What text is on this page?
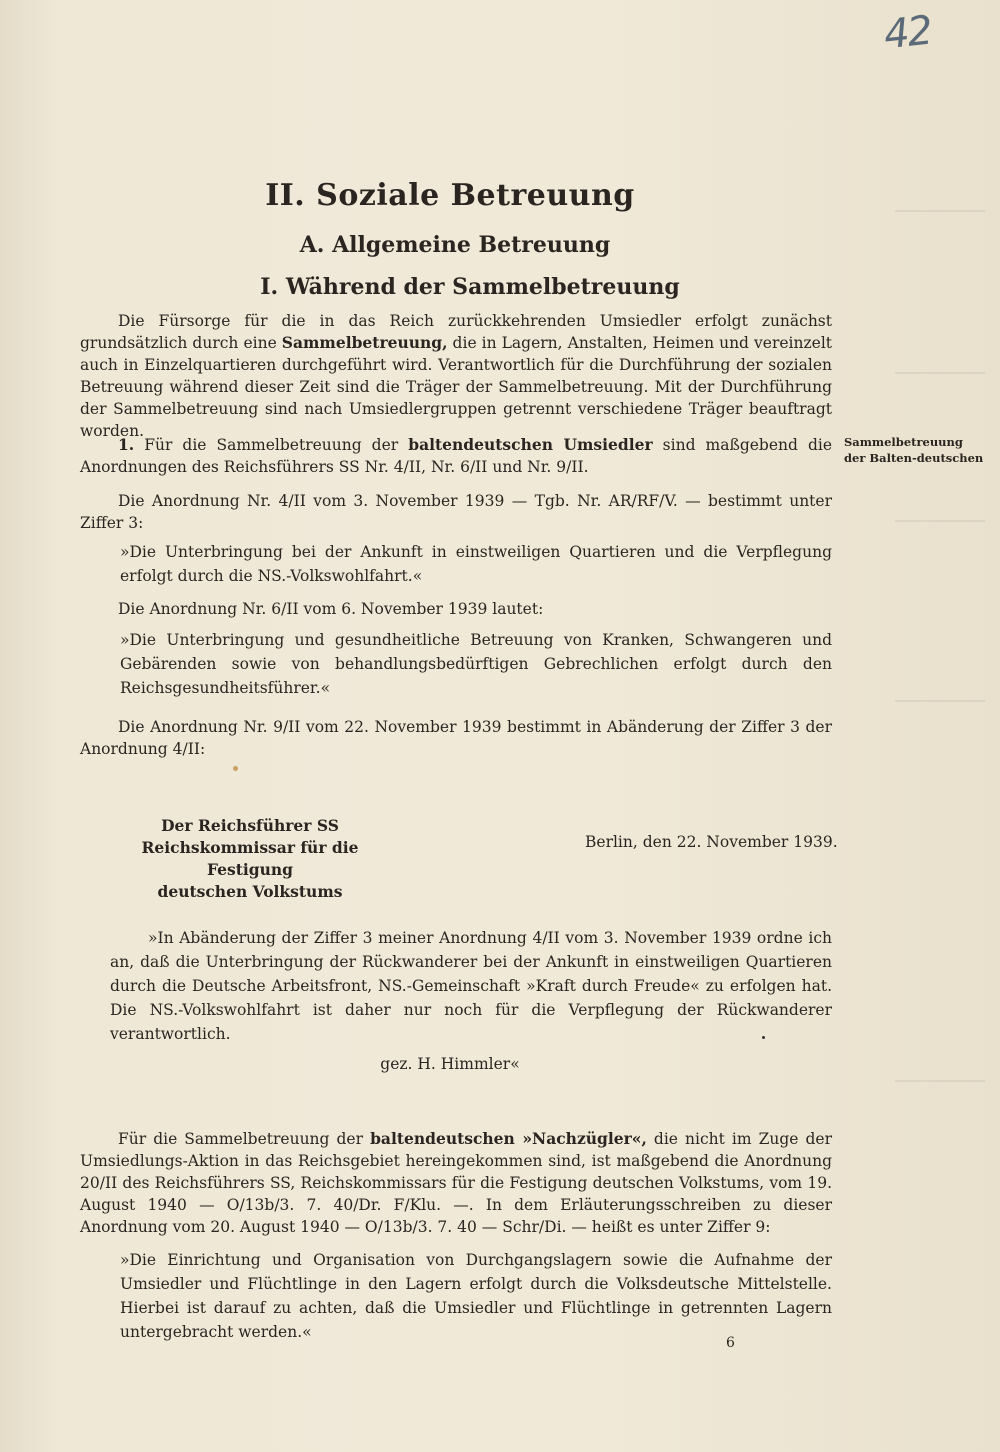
42
II. Soziale Betreuung
A. Allgemeine Betreuung
I. Während der Sammelbetreuung
Die Fürsorge für die in das Reich zurückkehrenden Umsiedler erfolgt zunächst grundsätzlich durch eine Sammelbetreuung, die in Lagern, Anstalten, Heimen und vereinzelt auch in Einzelquartieren durchgeführt wird. Verantwortlich für die Durchführung der sozialen Betreuung während dieser Zeit sind die Träger der Sammelbetreuung. Mit der Durchführung der Sammelbetreuung sind nach Umsiedlergruppen getrennt verschiedene Träger beauftragt worden.
1. Für die Sammelbetreuung der baltendeutschen Umsiedler sind maßgebend die Anordnungen des Reichsführers SS Nr. 4/II, Nr. 6/II und Nr. 9/II.
Sammelbetreuung der Balten-deutschen
Die Anordnung Nr. 4/II vom 3. November 1939 — Tgb. Nr. AR/RF/V. — bestimmt unter Ziffer 3:
»Die Unterbringung bei der Ankunft in einstweiligen Quartieren und die Verpflegung erfolgt durch die NS.-Volkswohlfahrt.«
Die Anordnung Nr. 6/II vom 6. November 1939 lautet:
»Die Unterbringung und gesundheitliche Betreuung von Kranken, Schwangeren und Gebärenden sowie von behandlungsbedürftigen Gebrechlichen erfolgt durch den Reichsgesundheitsführer.«
Die Anordnung Nr. 9/II vom 22. November 1939 bestimmt in Abänderung der Ziffer 3 der Anordnung 4/II:
Der Reichsführer SS
Reichskommissar für die Festigung
deutschen Volkstums
Berlin, den 22. November 1939.
»In Abänderung der Ziffer 3 meiner Anordnung 4/II vom 3. November 1939 ordne ich an, daß die Unterbringung der Rückwanderer bei der Ankunft in einstweiligen Quartieren durch die Deutsche Arbeitsfront, NS.-Gemeinschaft »Kraft durch Freude« zu erfolgen hat. Die NS.-Volkswohlfahrt ist daher nur noch für die Verpflegung der Rückwanderer verantwortlich.
gez. H. Himmler«
Für die Sammelbetreuung der baltendeutschen »Nachzügler«, die nicht im Zuge der Umsiedlungs-Aktion in das Reichsgebiet hereingekommen sind, ist maßgebend die Anordnung 20/II des Reichsführers SS, Reichskommissars für die Festigung deutschen Volkstums, vom 19. August 1940 — O/13b/3. 7. 40/Dr. F/Klu. —. In dem Erläuterungsschreiben zu dieser Anordnung vom 20. August 1940 — O/13b/3. 7. 40 — Schr/Di. — heißt es unter Ziffer 9:
»Die Einrichtung und Organisation von Durchgangslagern sowie die Aufnahme der Umsiedler und Flüchtlinge in den Lagern erfolgt durch die Volksdeutsche Mittelstelle. Hierbei ist darauf zu achten, daß die Umsiedler und Flüchtlinge in getrennten Lagern untergebracht werden.«
6
